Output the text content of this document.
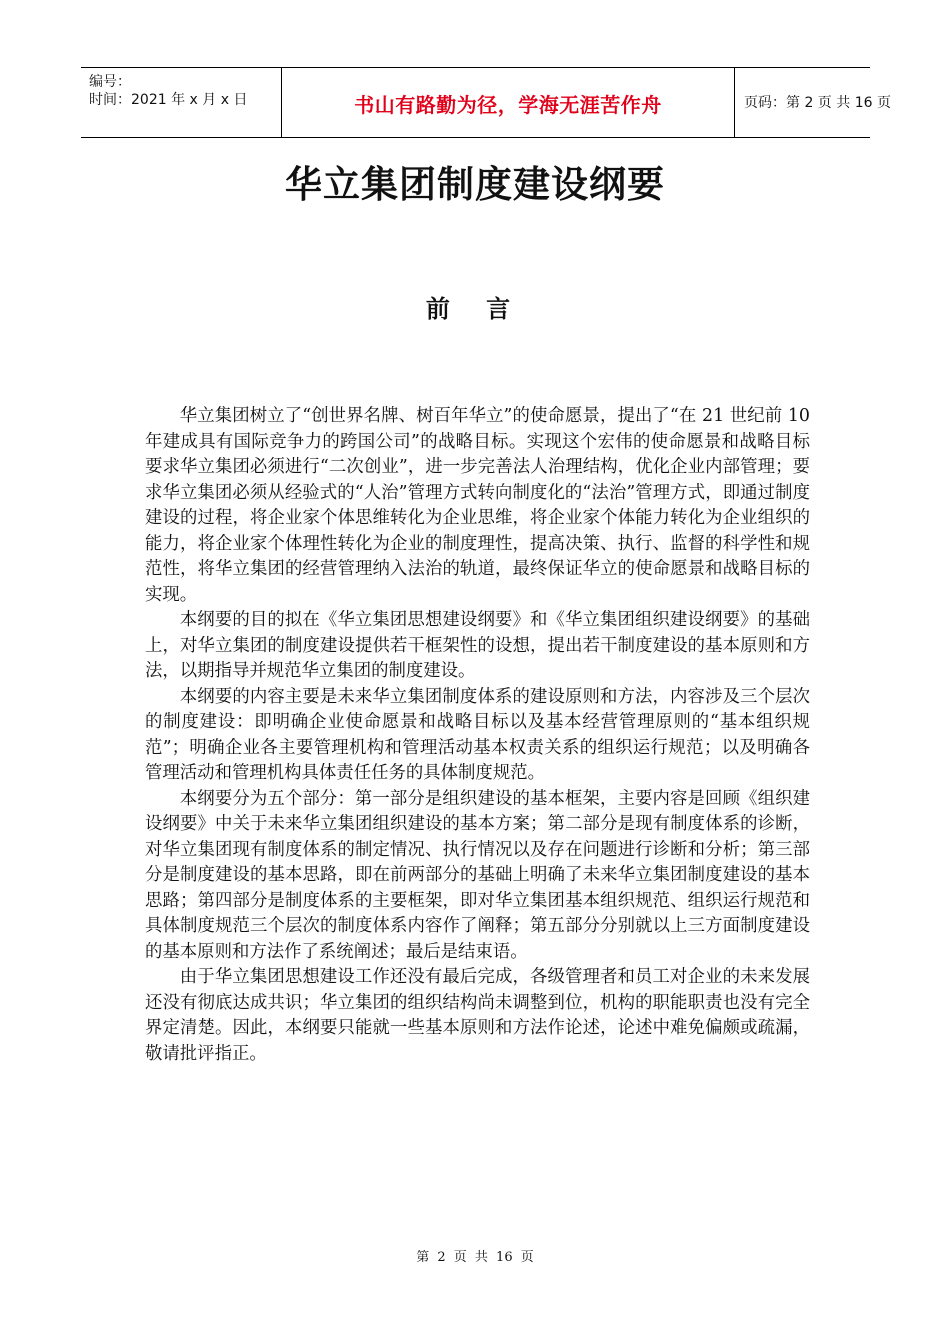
编号：
时间：2021 年 x 月 x 日	书山有路勤为径，学海无涯苦作舟	页码：第 2 页 共 16 页
华立集团制度建设纲要
前 言

华立集团树立了“创世界名牌、树百年华立”的使命愿景，提出了“在 21 世纪前 10 年建成具有国际竞争力的跨国公司”的战略目标。实现这个宏伟的使命愿景和战略目标要求华立集团必须进行“二次创业”，进一步完善法人治理结构，优化企业内部管理；要求华立集团必须从经验式的“人治”管理方式转向制度化的“法治”管理方式，即通过制度建设的过程，将企业家个体思维转化为企业思维，将企业家个体能力转化为企业组织的能力，将企业家个体理性转化为企业的制度理性，提高决策、执行、监督的科学性和规范性，将华立集团的经营管理纳入法治的轨道，最终保证华立的使命愿景和战略目标的实现。

本纲要的目的拟在《华立集团思想建设纲要》和《华立集团组织建设纲要》的基础上，对华立集团的制度建设提供若干框架性的设想，提出若干制度建设的基本原则和方法，以期指导并规范华立集团的制度建设。

本纲要的内容主要是未来华立集团制度体系的建设原则和方法，内容涉及三个层次的制度建设：即明确企业使命愿景和战略目标以及基本经营管理原则的“基本组织规范”；明确企业各主要管理机构和管理活动基本权责关系的组织运行规范；以及明确各管理活动和管理机构具体责任任务的具体制度规范。

本纲要分为五个部分：第一部分是组织建设的基本框架，主要内容是回顾《组织建设纲要》中关于未来华立集团组织建设的基本方案；第二部分是现有制度体系的诊断，对华立集团现有制度体系的制定情况、执行情况以及存在问题进行诊断和分析；第三部分是制度建设的基本思路，即在前两部分的基础上明确了未来华立集团制度建设的基本思路；第四部分是制度体系的主要框架，即对华立集团基本组织规范、组织运行规范和具体制度规范三个层次的制度体系内容作了阐释；第五部分分别就以上三方面制度建设的基本原则和方法作了系统阐述；最后是结束语。

由于华立集团思想建设工作还没有最后完成，各级管理者和员工对企业的未来发展还没有彻底达成共识；华立集团的组织结构尚未调整到位，机构的职能职责也没有完全界定清楚。因此，本纲要只能就一些基本原则和方法作论述，论述中难免偏颇或疏漏，敬请批评指正。

第 2 页 共 16 页
